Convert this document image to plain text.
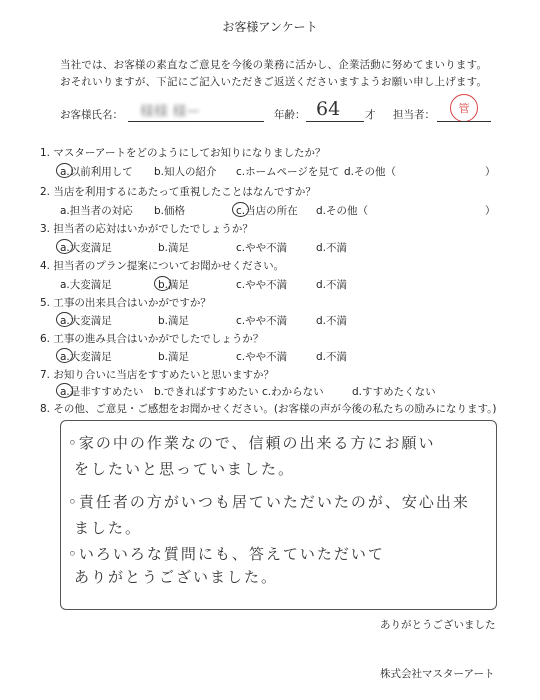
お客様アンケート
当社では、お客様の素直なご意見を今後の業務に活かし、企業活動に努めてまいります。
おそれいりますが、下記にご記入いただきご返送くださいますようお願い申し上げます。
お客様氏名： 様様 様ー	年齢： 64 才 担当者：	管
1. マスターアートをどのようにしてお知りになりましたか？
a.以前利用して b.知人の紹介 c.ホームページを見て d.その他（	）
2. 当店を利用するにあたって重視したことはなんですか？
a.担当者の対応 b.価格	c.当店の所在 d.その他（	）
3. 担当者の応対はいかがでしたでしょうか？
a.大変満足	b.満足	c.やや不満	d.不満
4. 担当者のプラン提案についてお聞かせください。
a.大変満足	b.満足	c.やや不満	d.不満
5. 工事の出来具合はいかがですか？
a.大変満足	b.満足	c.やや不満	d.不満
6. 工事の進み具合はいかがでしたでしょうか？
a.大変満足	b.満足	c.やや不満	d.不満
7. お知り合いに当店をすすめたいと思いますか？
a.是非すすめたい b.できればすすめたい c.わからない	d.すすめたくない
8. その他、ご意見・ご感想をお聞かせください。(お客様の声が今後の私たちの励みになります。)
◦家の中の作業なので、信頼の出来る方にお願い
をしたいと思っていました。
◦責任者の方がいつも居ていただいたのが、安心出来
ました。
◦いろいろな質問にも、答えていただいて
ありがとうございました。
ありがとうございました
株式会社マスターアート
